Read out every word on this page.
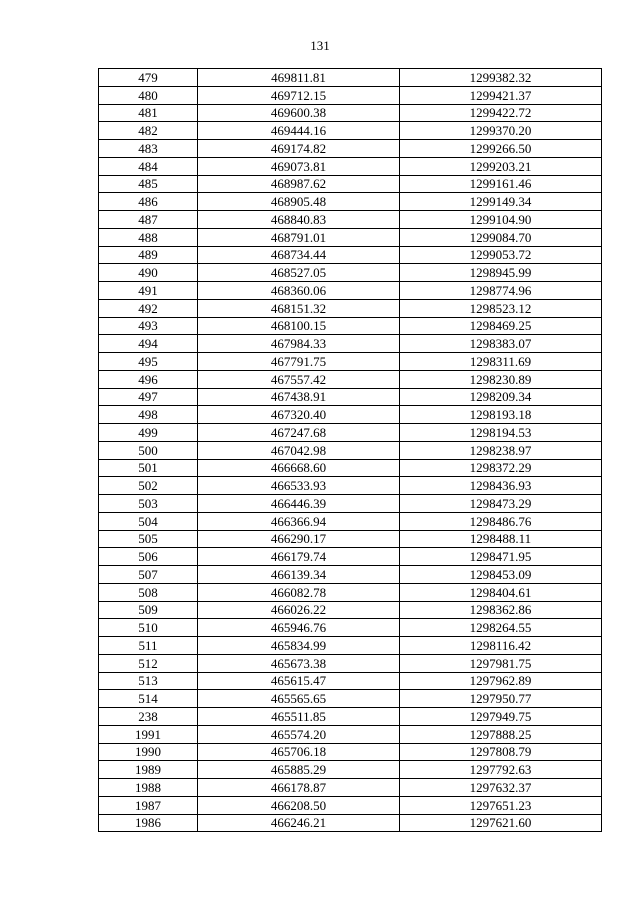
131
479	469811.81	1299382.32
480	469712.15	1299421.37
481	469600.38	1299422.72
482	469444.16	1299370.20
483	469174.82	1299266.50
484	469073.81	1299203.21
485	468987.62	1299161.46
486	468905.48	1299149.34
487	468840.83	1299104.90
488	468791.01	1299084.70
489	468734.44	1299053.72
490	468527.05	1298945.99
491	468360.06	1298774.96
492	468151.32	1298523.12
493	468100.15	1298469.25
494	467984.33	1298383.07
495	467791.75	1298311.69
496	467557.42	1298230.89
497	467438.91	1298209.34
498	467320.40	1298193.18
499	467247.68	1298194.53
500	467042.98	1298238.97
501	466668.60	1298372.29
502	466533.93	1298436.93
503	466446.39	1298473.29
504	466366.94	1298486.76
505	466290.17	1298488.11
506	466179.74	1298471.95
507	466139.34	1298453.09
508	466082.78	1298404.61
509	466026.22	1298362.86
510	465946.76	1298264.55
511	465834.99	1298116.42
512	465673.38	1297981.75
513	465615.47	1297962.89
514	465565.65	1297950.77
238	465511.85	1297949.75
1991	465574.20	1297888.25
1990	465706.18	1297808.79
1989	465885.29	1297792.63
1988	466178.87	1297632.37
1987	466208.50	1297651.23
1986	466246.21	1297621.60
